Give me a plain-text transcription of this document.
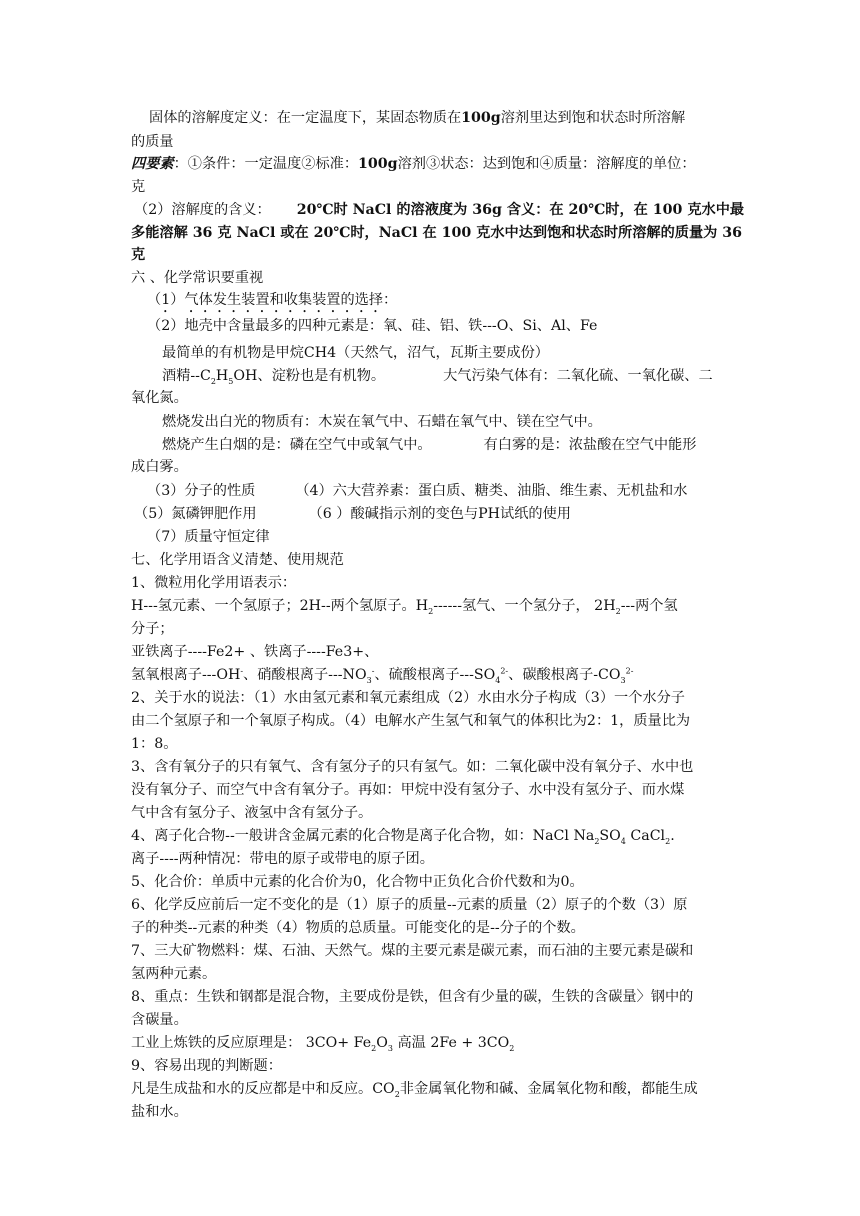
固体的溶解度定义：在一定温度下，某固态物质在100g溶剂里达到饱和状态时所溶解
的质量
四要素：①条件：一定温度②标准：100g溶剂③状态：达到饱和④质量：溶解度的单位：
克
（2）溶解度的含义： 20℃时 NaCl 的溶液度为 36g 含义：在 20℃时，在 100 克水中最
多能溶解 36 克 NaCl 或在 20℃时，NaCl 在 100 克水中达到饱和状态时所溶解的质量为 36
克
六 、化学常识要重视
（1）气体发生装置和收集装置的选择：
（2）地壳中含量最多的四种元素是：氧、硅、铝、铁---O、Si、Al、Fe
最简单的有机物是甲烷CH4（天然气，沼气，瓦斯主要成份）
酒精$--C_2H_5OH$、淀粉也是有机物。	大气污染气体有：二氧化硫、一氧化碳、二
氧化氮。
燃烧发出白光的物质有：木炭在氧气中、石蜡在氧气中、镁在空气中。
燃烧产生白烟的是：磷在空气中或氧气中。	有白雾的是：浓盐酸在空气中能形
成白雾。
（3）分子的性质	（4）六大营养素：蛋白质、糖类、油脂、维生素、无机盐和水
（5）氮磷钾肥作用	（6 ）酸碱指示剂的变色与PH试纸的使用
（7）质量守恒定律
七、化学用语含义清楚、使用规范
1、微粒用化学用语表示：
H---氢元素、一个氢原子；2H--两个氢原子。$H_2------$氢气、一个氢分子， $2H_2---$两个氢
分子；
亚铁离子----Fe2+ 、铁离子----Fe3+、
氢氧根离子---OH-、硝酸根离子$---NO_3^-$、硫酸根离子$---SO_4^{2-}$、碳酸根离子$-CO_3^{2-}$
2、关于水的说法：（1）水由氢元素和氧元素组成（2）水由水分子构成（3）一个水分子
由二个氢原子和一个氧原子构成。（4）电解水产生氢气和氧气的体积比为2：1，质量比为
1：8。
3、含有氧分子的只有氧气、含有氢分子的只有氢气。如：二氧化碳中没有氧分子、水中也
没有氧分子、而空气中含有氧分子。再如：甲烷中没有氢分子、水中没有氢分子、而水煤
气中含有氢分子、液氢中含有氢分子。
4、离子化合物--一般讲含金属元素的化合物是离子化合物，如：NaCl $Na_2SO_4$ CaCl$_2$.
离子----两种情况：带电的原子或带电的原子团。
5、化合价：单质中元素的化合价为0，化合物中正负化合价代数和为0。
6、化学反应前后一定不变化的是（1）原子的质量--元素的质量（2）原子的个数（3）原
子的种类--元素的种类（4）物质的总质量。可能变化的是--分子的个数。
7、三大矿物燃料：煤、石油、天然气。煤的主要元素是碳元素，而石油的主要元素是碳和
氢两种元素。
8、重点：生铁和钢都是混合物，主要成份是铁，但含有少量的碳，生铁的含碳量〉钢中的
含碳量。
工业上炼铁的反应原理是： $3CO+ Fe_2O_3$ 高温 $2Fe + 3CO_2$
9、容易出现的判断题：
凡是生成盐和水的反应都是中和反应。$CO_2$非金属氧化物和碱、金属氧化物和酸，都能生成
盐和水。
